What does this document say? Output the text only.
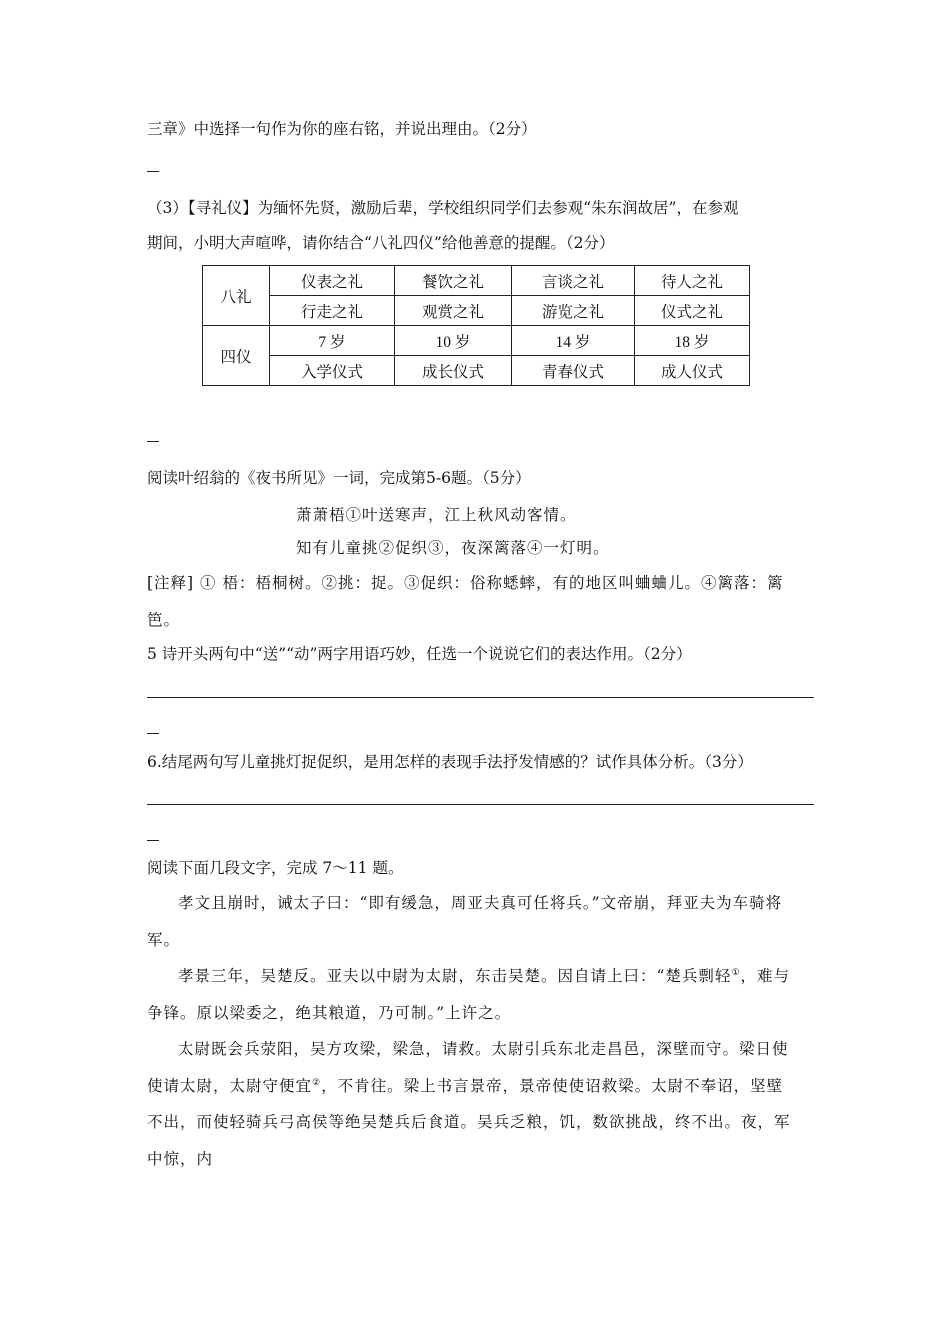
三章》中选择一句作为你的座右铭，并说出理由。（2分）
（3）【寻礼仪】为缅怀先贤，激励后辈，学校组织同学们去参观“朱东润故居”，在参观
期间，小明大声喧哗，请你结合“八礼四仪”给他善意的提醒。（2分）
八礼	仪表之礼	餐饮之礼	言谈之礼	待人之礼
	行走之礼	观赏之礼	游览之礼	仪式之礼
四仪	7 岁	10 岁	14 岁	18 岁
	入学仪式	成长仪式	青春仪式	成人仪式
阅读叶绍翁的《夜书所见》一词，完成第5-6题。（5分）
萧萧梧①叶送寒声，江上秋风动客情。
知有儿童挑②促织③，夜深篱落④一灯明。
[注释] ① 梧：梧桐树。②挑：捉。③促织：俗称蟋蟀，有的地区叫蛐蛐儿。④篱落：篱
笆。
5 诗开头两句中“送”“动”两字用语巧妙，任选一个说说它们的表达作用。（2分）
6.结尾两句写儿童挑灯捉促织，是用怎样的表现手法抒发情感的？试作具体分析。（3分）
阅读下面几段文字，完成 7～11 题。
孝文且崩时，诫太子曰：“即有缓急，周亚夫真可任将兵。”文帝崩，拜亚夫为车骑将
军。
孝景三年，吴楚反。亚夫以中尉为太尉，东击吴楚。因自请上曰：“楚兵剽轻①，难与
争锋。原以梁委之，绝其粮道，乃可制。”上许之。
太尉既会兵荥阳，吴方攻梁，梁急，请救。太尉引兵东北走昌邑，深壁而守。梁日使
使请太尉，太尉守便宜②，不肯往。梁上书言景帝，景帝使使诏救梁。太尉不奉诏，坚壁
不出，而使轻骑兵弓高侯等绝吴楚兵后食道。吴兵乏粮，饥，数欲挑战，终不出。夜，军
中惊，内
